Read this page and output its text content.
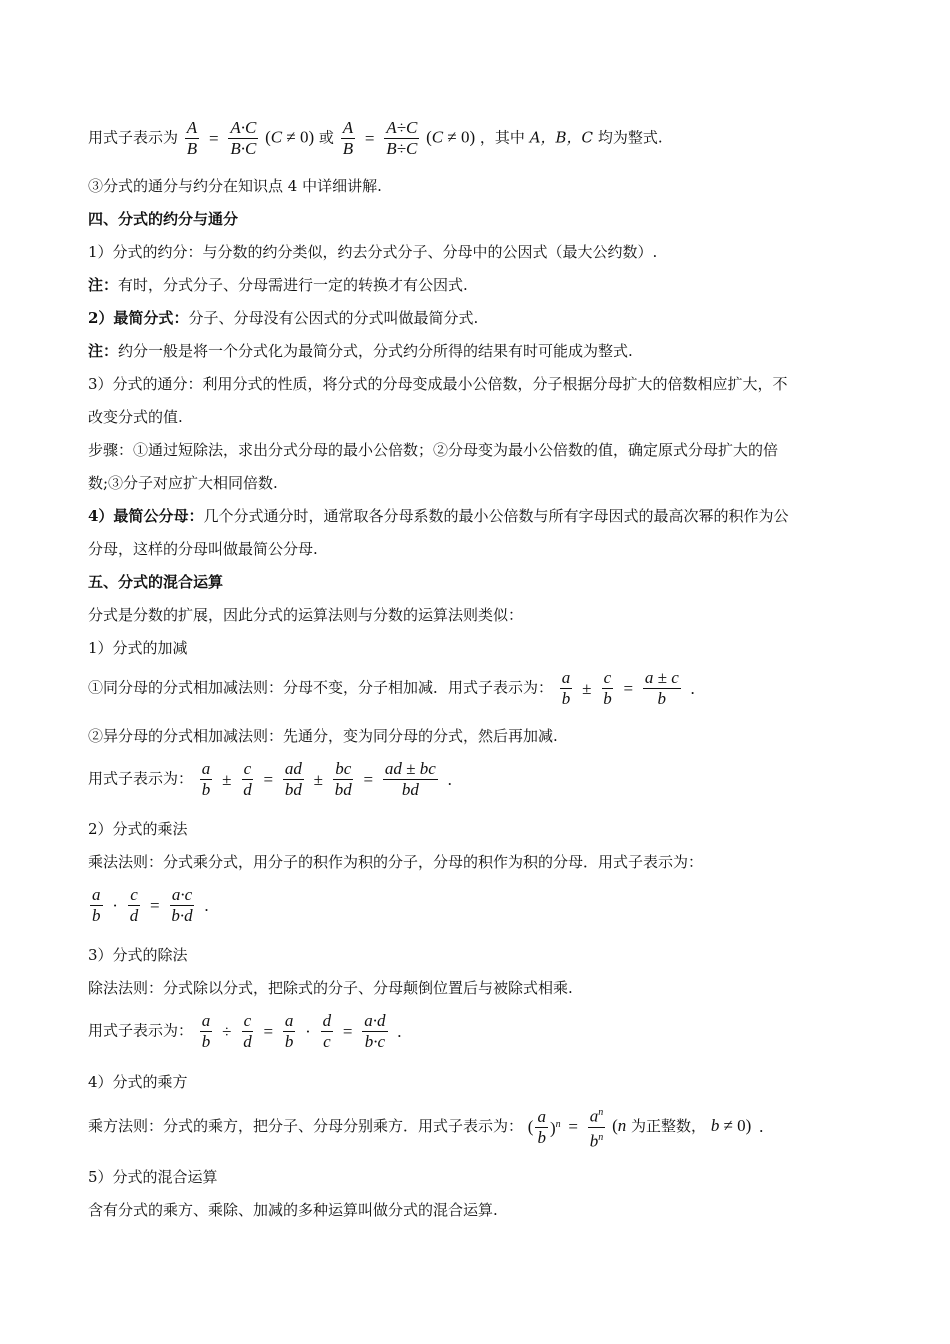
用式子表示为 $\frac{A}{B} = \frac{A\cdot C}{B\cdot C} (C \ne 0)$ 或 $\frac{A}{B} = \frac{A\div C}{B\div C} (C \ne 0)$ ，其中 A，B，C 均为整式.
③分式的通分与约分在知识点 4 中详细讲解.
四、分式的约分与通分
1）分式的约分：与分数的约分类似，约去分式分子、分母中的公因式（最大公约数）.
注：有时，分式分子、分母需进行一定的转换才有公因式.
2）最简分式：分子、分母没有公因式的分式叫做最简分式.
注：约分一般是将一个分式化为最简分式，分式约分所得的结果有时可能成为整式.
3）分式的通分：利用分式的性质，将分式的分母变成最小公倍数，分子根据分母扩大的倍数相应扩大，不
改变分式的值.
步骤：①通过短除法，求出分式分母的最小公倍数；②分母变为最小公倍数的值，确定原式分母扩大的倍
数;③分子对应扩大相同倍数.
4）最简公分母：几个分式通分时，通常取各分母系数的最小公倍数与所有字母因式的最高次幂的积作为公
分母，这样的分母叫做最简公分母.
五、分式的混合运算
分式是分数的扩展，因此分式的运算法则与分数的运算法则类似：
1）分式的加减
①同分母的分式相加减法则：分母不变，分子相加减．用式子表示为： $\frac{a}{b} \pm \frac{c}{b} = \frac{a \pm c}{b}$ .
②异分母的分式相加减法则：先通分，变为同分母的分式，然后再加减.
用式子表示为： $\frac{a}{b} \pm \frac{c}{d} = \frac{ad}{bd} \pm \frac{bc}{bd} = \frac{ad \pm bc}{bd}$ .
2）分式的乘法
乘法法则：分式乘分式，用分子的积作为积的分子，分母的积作为积的分母．用式子表示为：
$\frac{a}{b} \cdot \frac{c}{d} = \frac{a\cdot c}{b\cdot d}$ .
3）分式的除法
除法法则：分式除以分式，把除式的分子、分母颠倒位置后与被除式相乘.
用式子表示为： $\frac{a}{b} \div \frac{c}{d} = \frac{a}{b} \cdot \frac{d}{c} = \frac{a\cdot d}{b\cdot c}$ .
4）分式的乘方
乘方法则：分式的乘方，把分子、分母分别乘方．用式子表示为： ( $\frac{a}{b} )^n = \frac{a^n}{b^n} (n$ 为正整数， b ≠ 0) .
5）分式的混合运算
含有分式的乘方、乘除、加减的多种运算叫做分式的混合运算.
